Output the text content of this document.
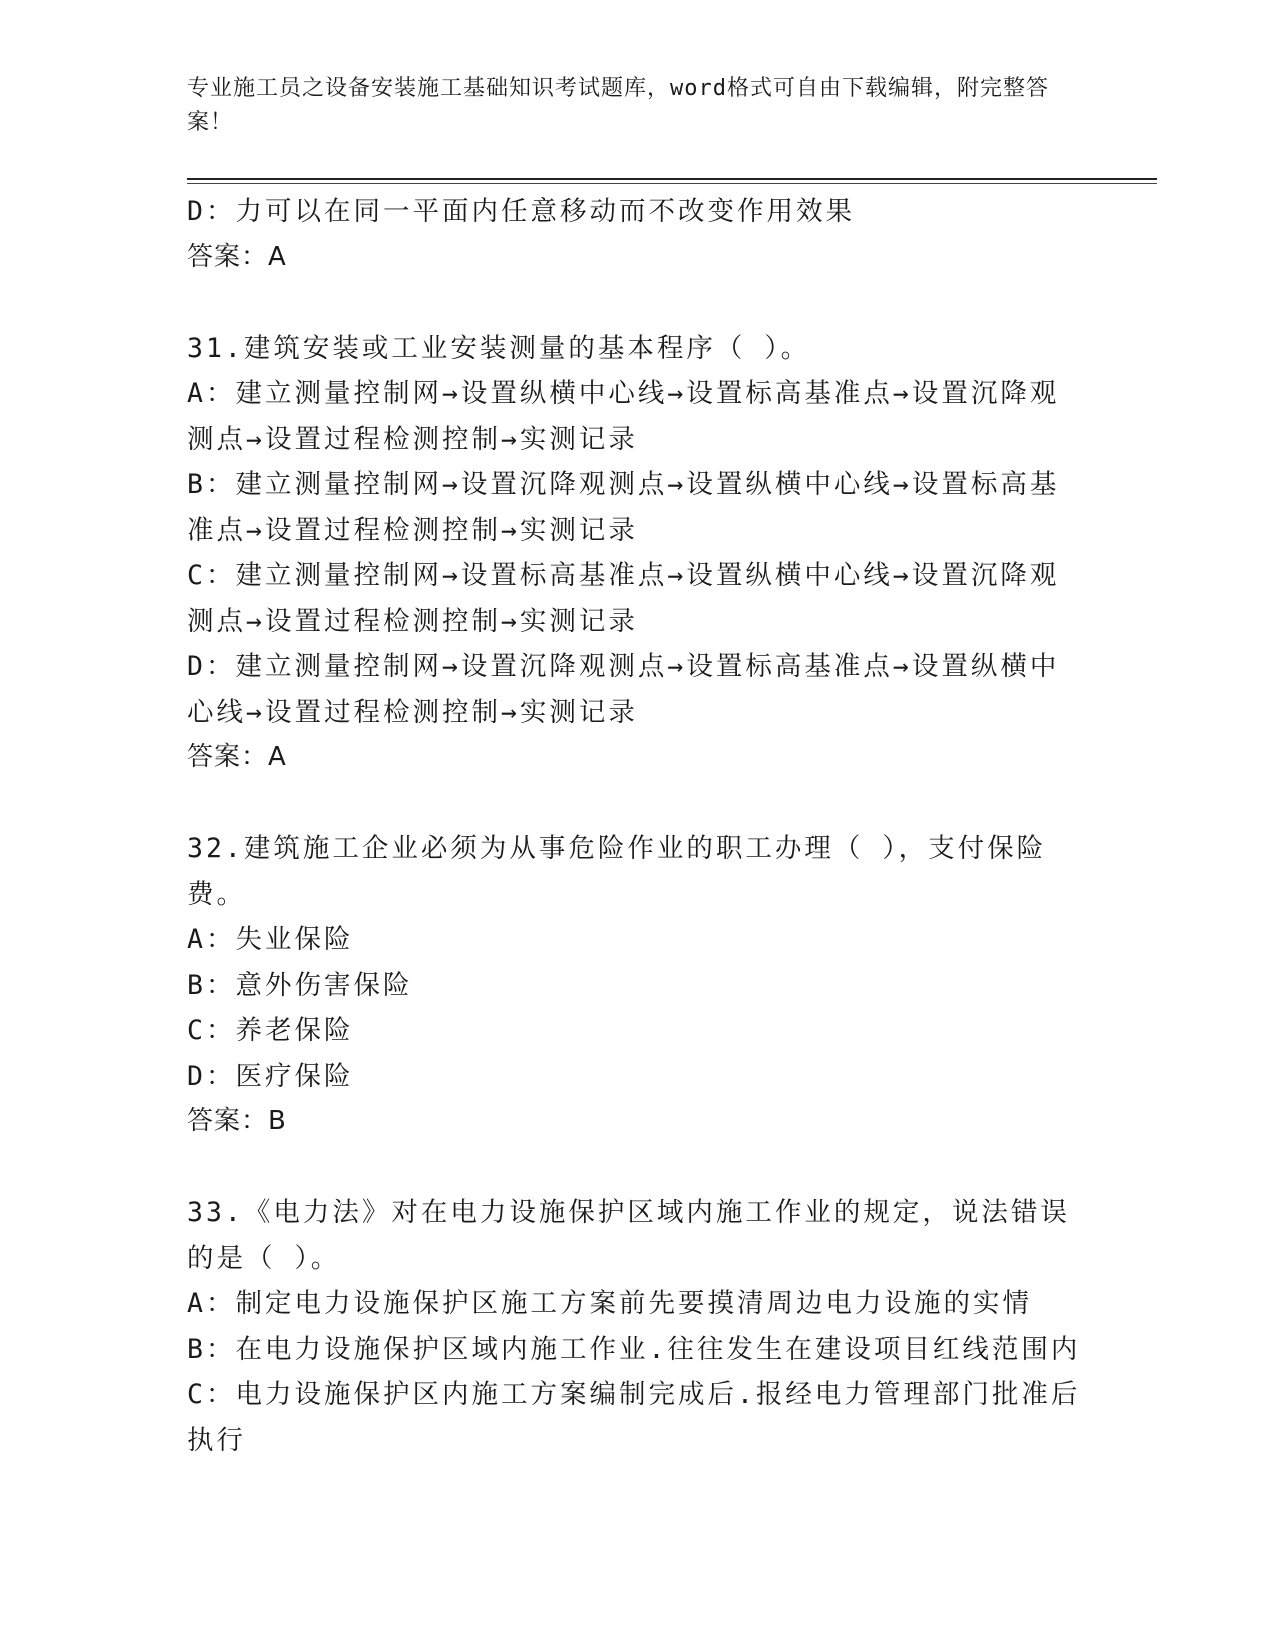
专业施工员之设备安装施工基础知识考试题库，word格式可自由下载编辑，附完整答案！

D：力可以在同一平面内任意移动而不改变作用效果

答案：A

31.建筑安装或工业安装测量的基本程序（ ）。

A：建立测量控制网→设置纵横中心线→设置标高基准点→设置沉降观测点→设置过程检测控制→实测记录

B：建立测量控制网→设置沉降观测点→设置纵横中心线→设置标高基准点→设置过程检测控制→实测记录

C：建立测量控制网→设置标高基准点→设置纵横中心线→设置沉降观测点→设置过程检测控制→实测记录

D：建立测量控制网→设置沉降观测点→设置标高基准点→设置纵横中心线→设置过程检测控制→实测记录

答案：A

32.建筑施工企业必须为从事危险作业的职工办理（ ），支付保险费。

A：失业保险

B：意外伤害保险

C：养老保险

D：医疗保险

答案：B

33.《电力法》对在电力设施保护区域内施工作业的规定，说法错误的是（ ）。

A：制定电力设施保护区施工方案前先要摸清周边电力设施的实情

B：在电力设施保护区域内施工作业.往往发生在建设项目红线范围内

C：电力设施保护区内施工方案编制完成后.报经电力管理部门批准后执行
